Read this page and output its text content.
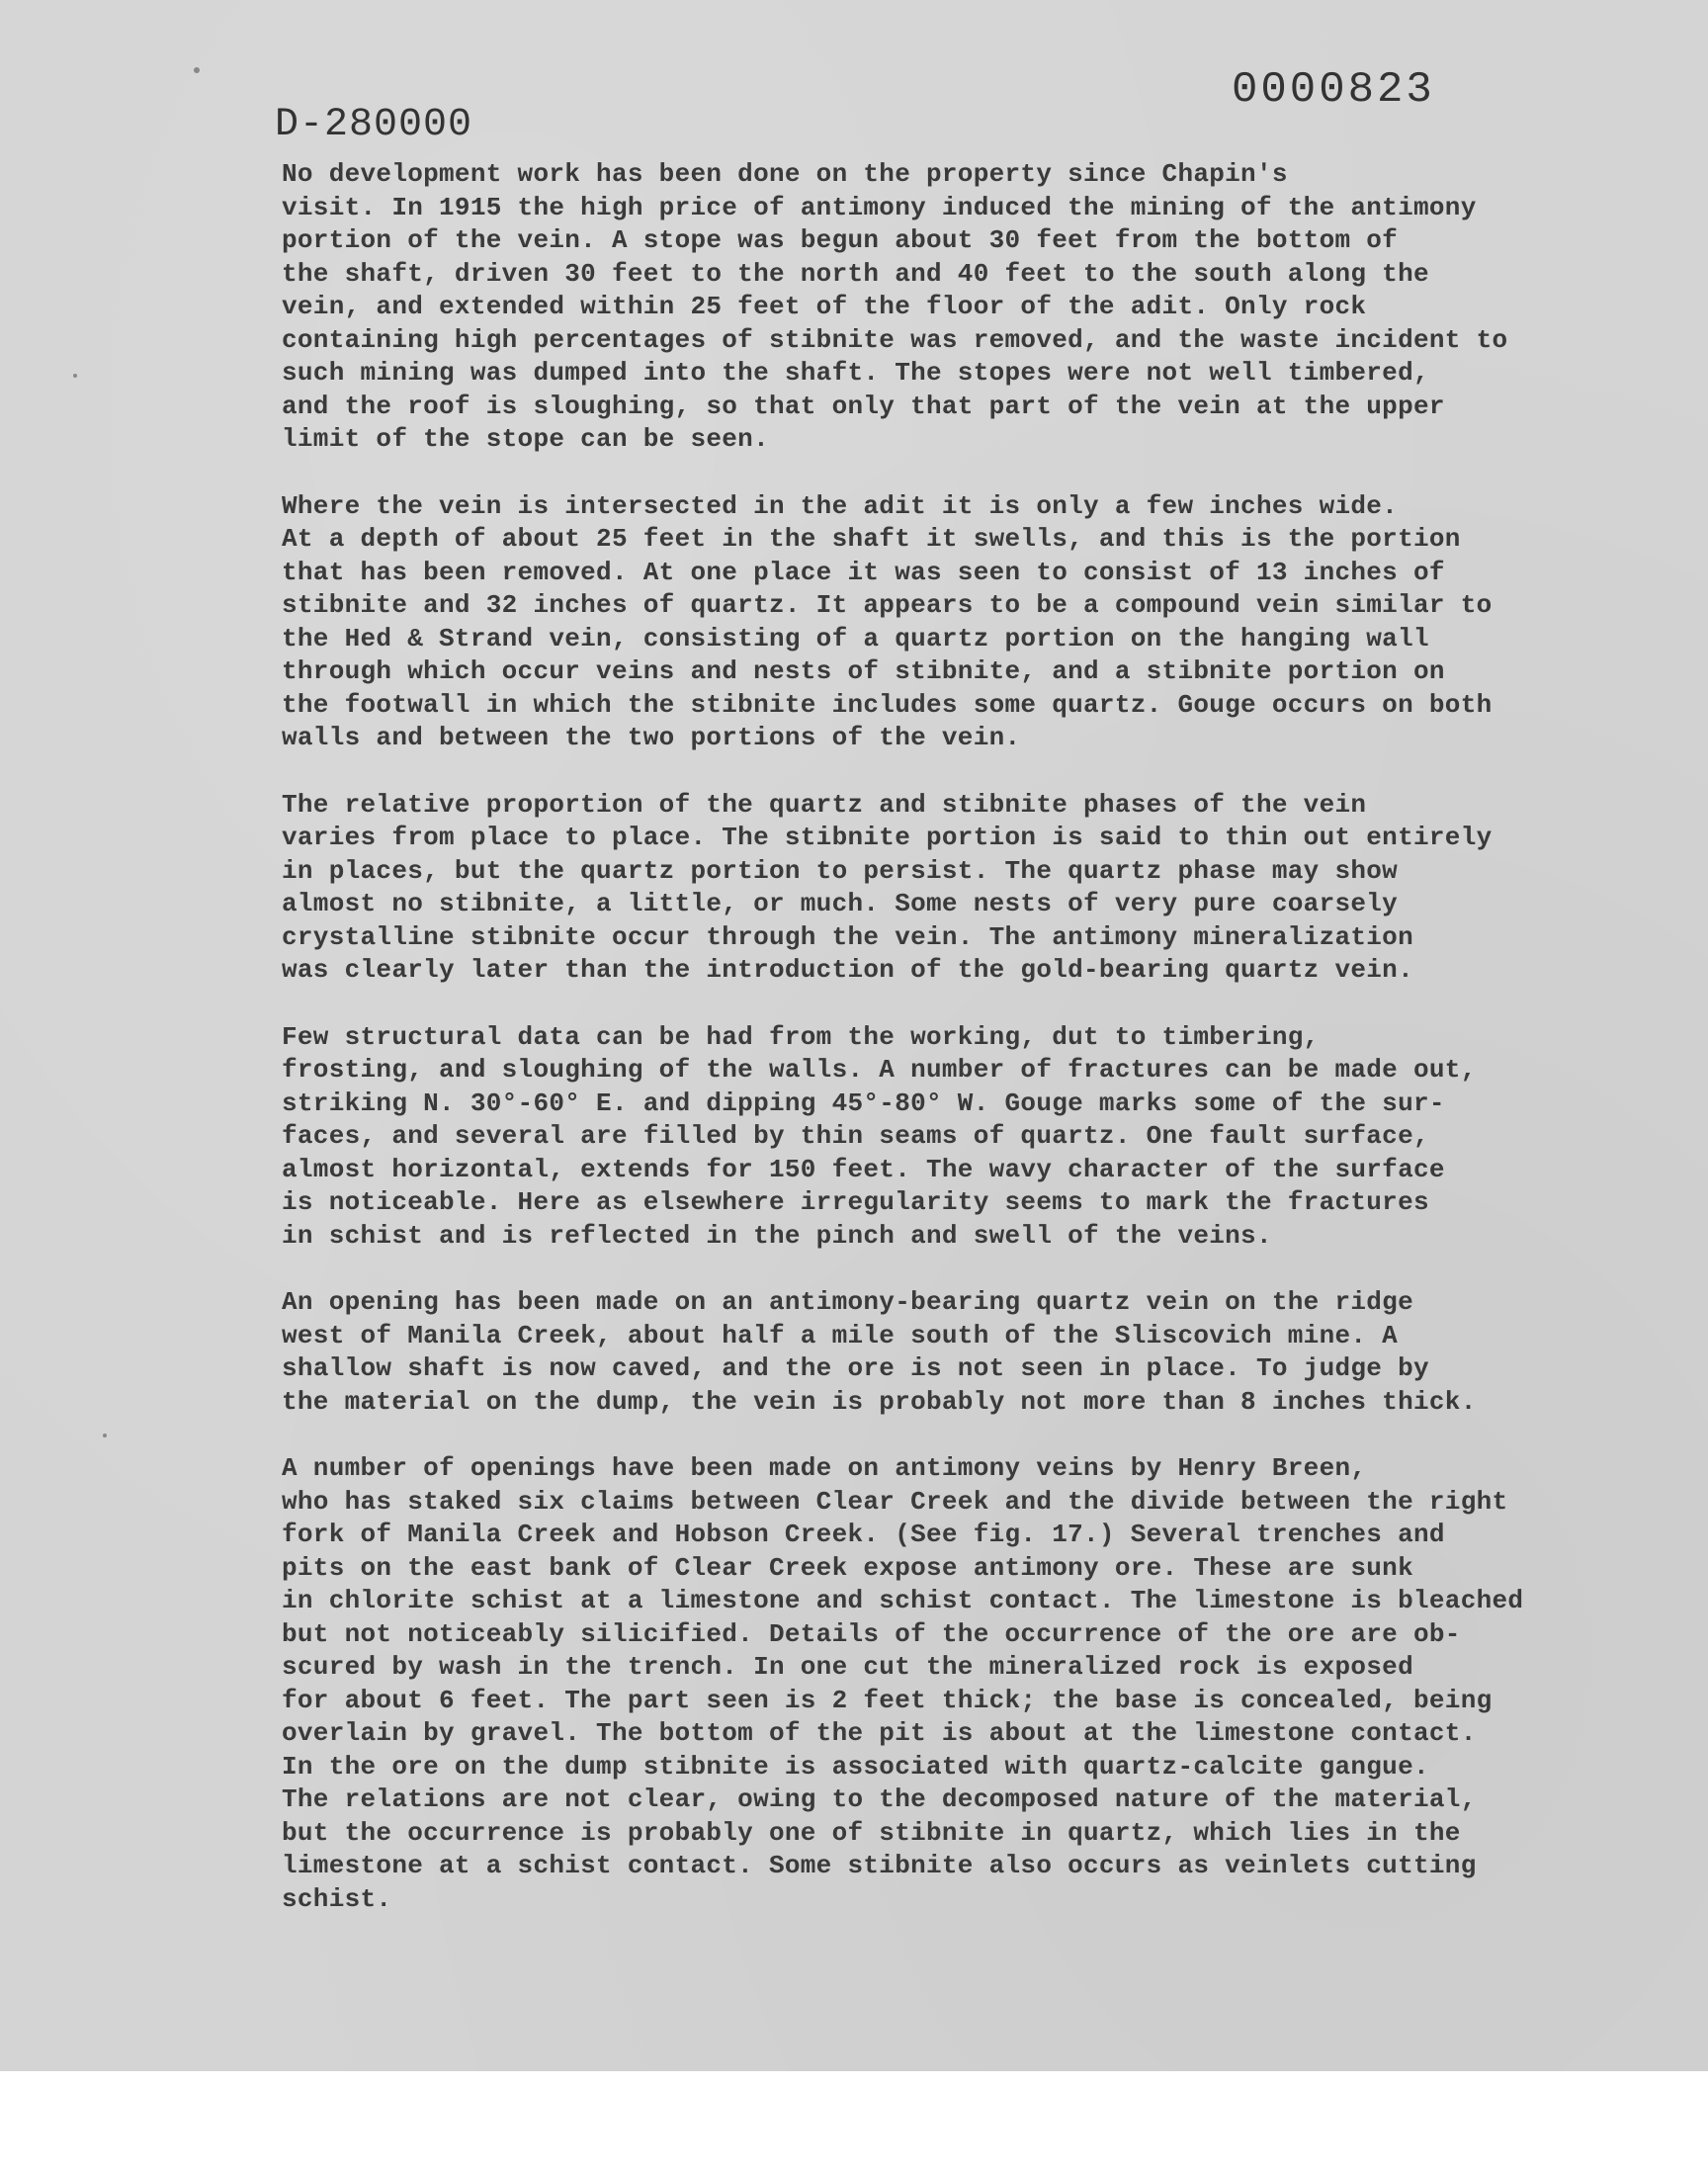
D-280000
0000823

No development work has been done on the property since Chapin's
visit. In 1915 the high price of antimony induced the mining of the antimony
portion of the vein. A stope was begun about 30 feet from the bottom of
the shaft, driven 30 feet to the north and 40 feet to the south along the
vein, and extended within 25 feet of the floor of the adit. Only rock
containing high percentages of stibnite was removed, and the waste incident to
such mining was dumped into the shaft. The stopes were not well timbered,
and the roof is sloughing, so that only that part of the vein at the upper
limit of the stope can be seen.

Where the vein is intersected in the adit it is only a few inches wide.
At a depth of about 25 feet in the shaft it swells, and this is the portion
that has been removed. At one place it was seen to consist of 13 inches of
stibnite and 32 inches of quartz. It appears to be a compound vein similar to
the Hed & Strand vein, consisting of a quartz portion on the hanging wall
through which occur veins and nests of stibnite, and a stibnite portion on
the footwall in which the stibnite includes some quartz. Gouge occurs on both
walls and between the two portions of the vein.

The relative proportion of the quartz and stibnite phases of the vein
varies from place to place. The stibnite portion is said to thin out entirely
in places, but the quartz portion to persist. The quartz phase may show
almost no stibnite, a little, or much. Some nests of very pure coarsely
crystalline stibnite occur through the vein. The antimony mineralization
was clearly later than the introduction of the gold-bearing quartz vein.

Few structural data can be had from the working, dut to timbering,
frosting, and sloughing of the walls. A number of fractures can be made out,
striking N. 30°-60° E. and dipping 45°-80° W. Gouge marks some of the sur-
faces, and several are filled by thin seams of quartz. One fault surface,
almost horizontal, extends for 150 feet. The wavy character of the surface
is noticeable. Here as elsewhere irregularity seems to mark the fractures
in schist and is reflected in the pinch and swell of the veins.

An opening has been made on an antimony-bearing quartz vein on the ridge
west of Manila Creek, about half a mile south of the Sliscovich mine. A
shallow shaft is now caved, and the ore is not seen in place. To judge by
the material on the dump, the vein is probably not more than 8 inches thick.

A number of openings have been made on antimony veins by Henry Breen,
who has staked six claims between Clear Creek and the divide between the right
fork of Manila Creek and Hobson Creek. (See fig. 17.) Several trenches and
pits on the east bank of Clear Creek expose antimony ore. These are sunk
in chlorite schist at a limestone and schist contact. The limestone is bleached
but not noticeably silicified. Details of the occurrence of the ore are ob-
scured by wash in the trench. In one cut the mineralized rock is exposed
for about 6 feet. The part seen is 2 feet thick; the base is concealed, being
overlain by gravel. The bottom of the pit is about at the limestone contact.
In the ore on the dump stibnite is associated with quartz-calcite gangue.
The relations are not clear, owing to the decomposed nature of the material,
but the occurrence is probably one of stibnite in quartz, which lies in the
limestone at a schist contact. Some stibnite also occurs as veinlets cutting
schist.
